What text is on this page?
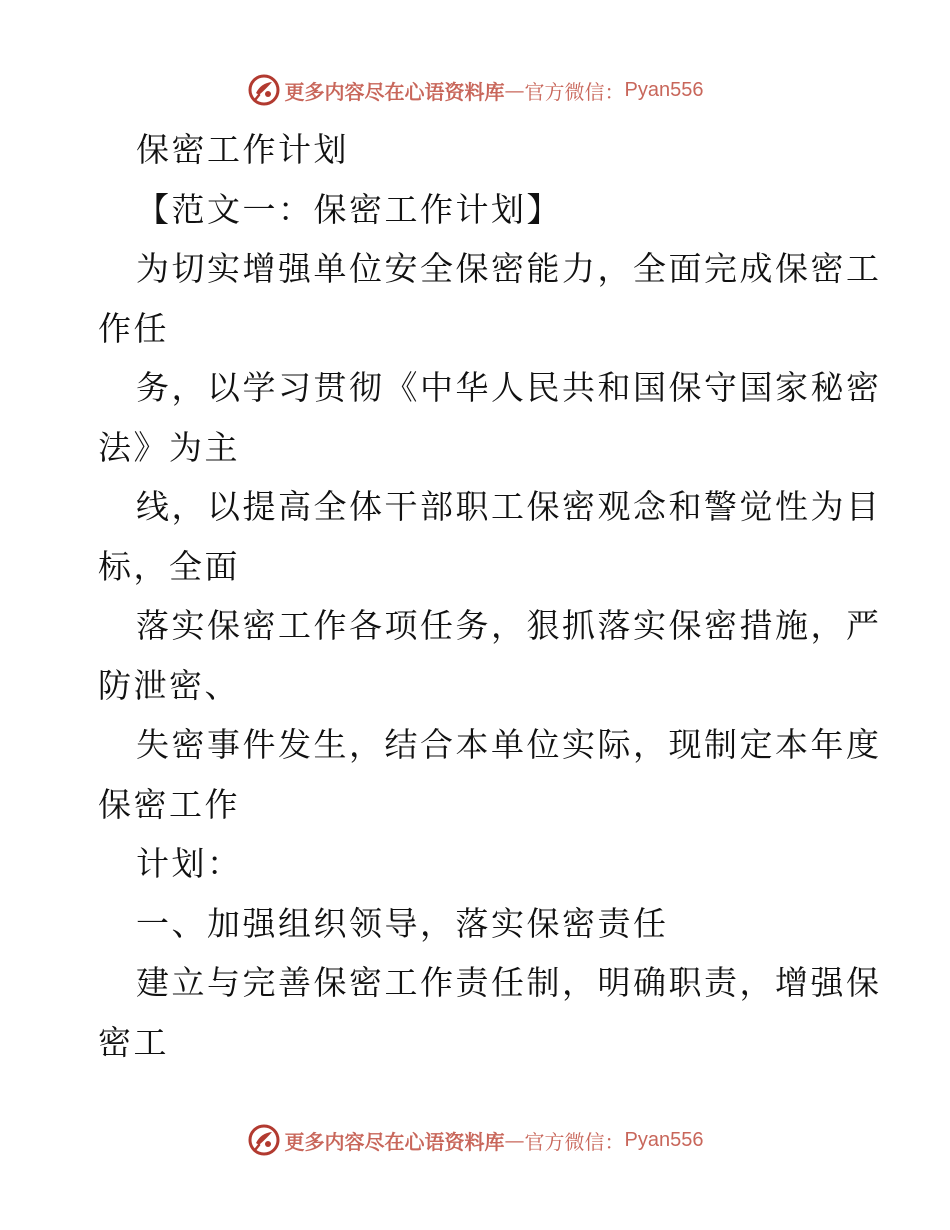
更多内容尽在心语资料库 — 官方微信： Pyan556
保密工作计划
【范文一：保密工作计划】
为切实增强单位安全保密能力，全面完成保密工
作任
务，以学习贯彻《中华人民共和国保守国家秘密
法》为主
线，以提高全体干部职工保密观念和警觉性为目
标，全面
落实保密工作各项任务，狠抓落实保密措施，严
防泄密、
失密事件发生，结合本单位实际，现制定本年度
保密工作
计划：
一、加强组织领导，落实保密责任
建立与完善保密工作责任制，明确职责，增强保
密工
更多内容尽在心语资料库 — 官方微信： Pyan556
